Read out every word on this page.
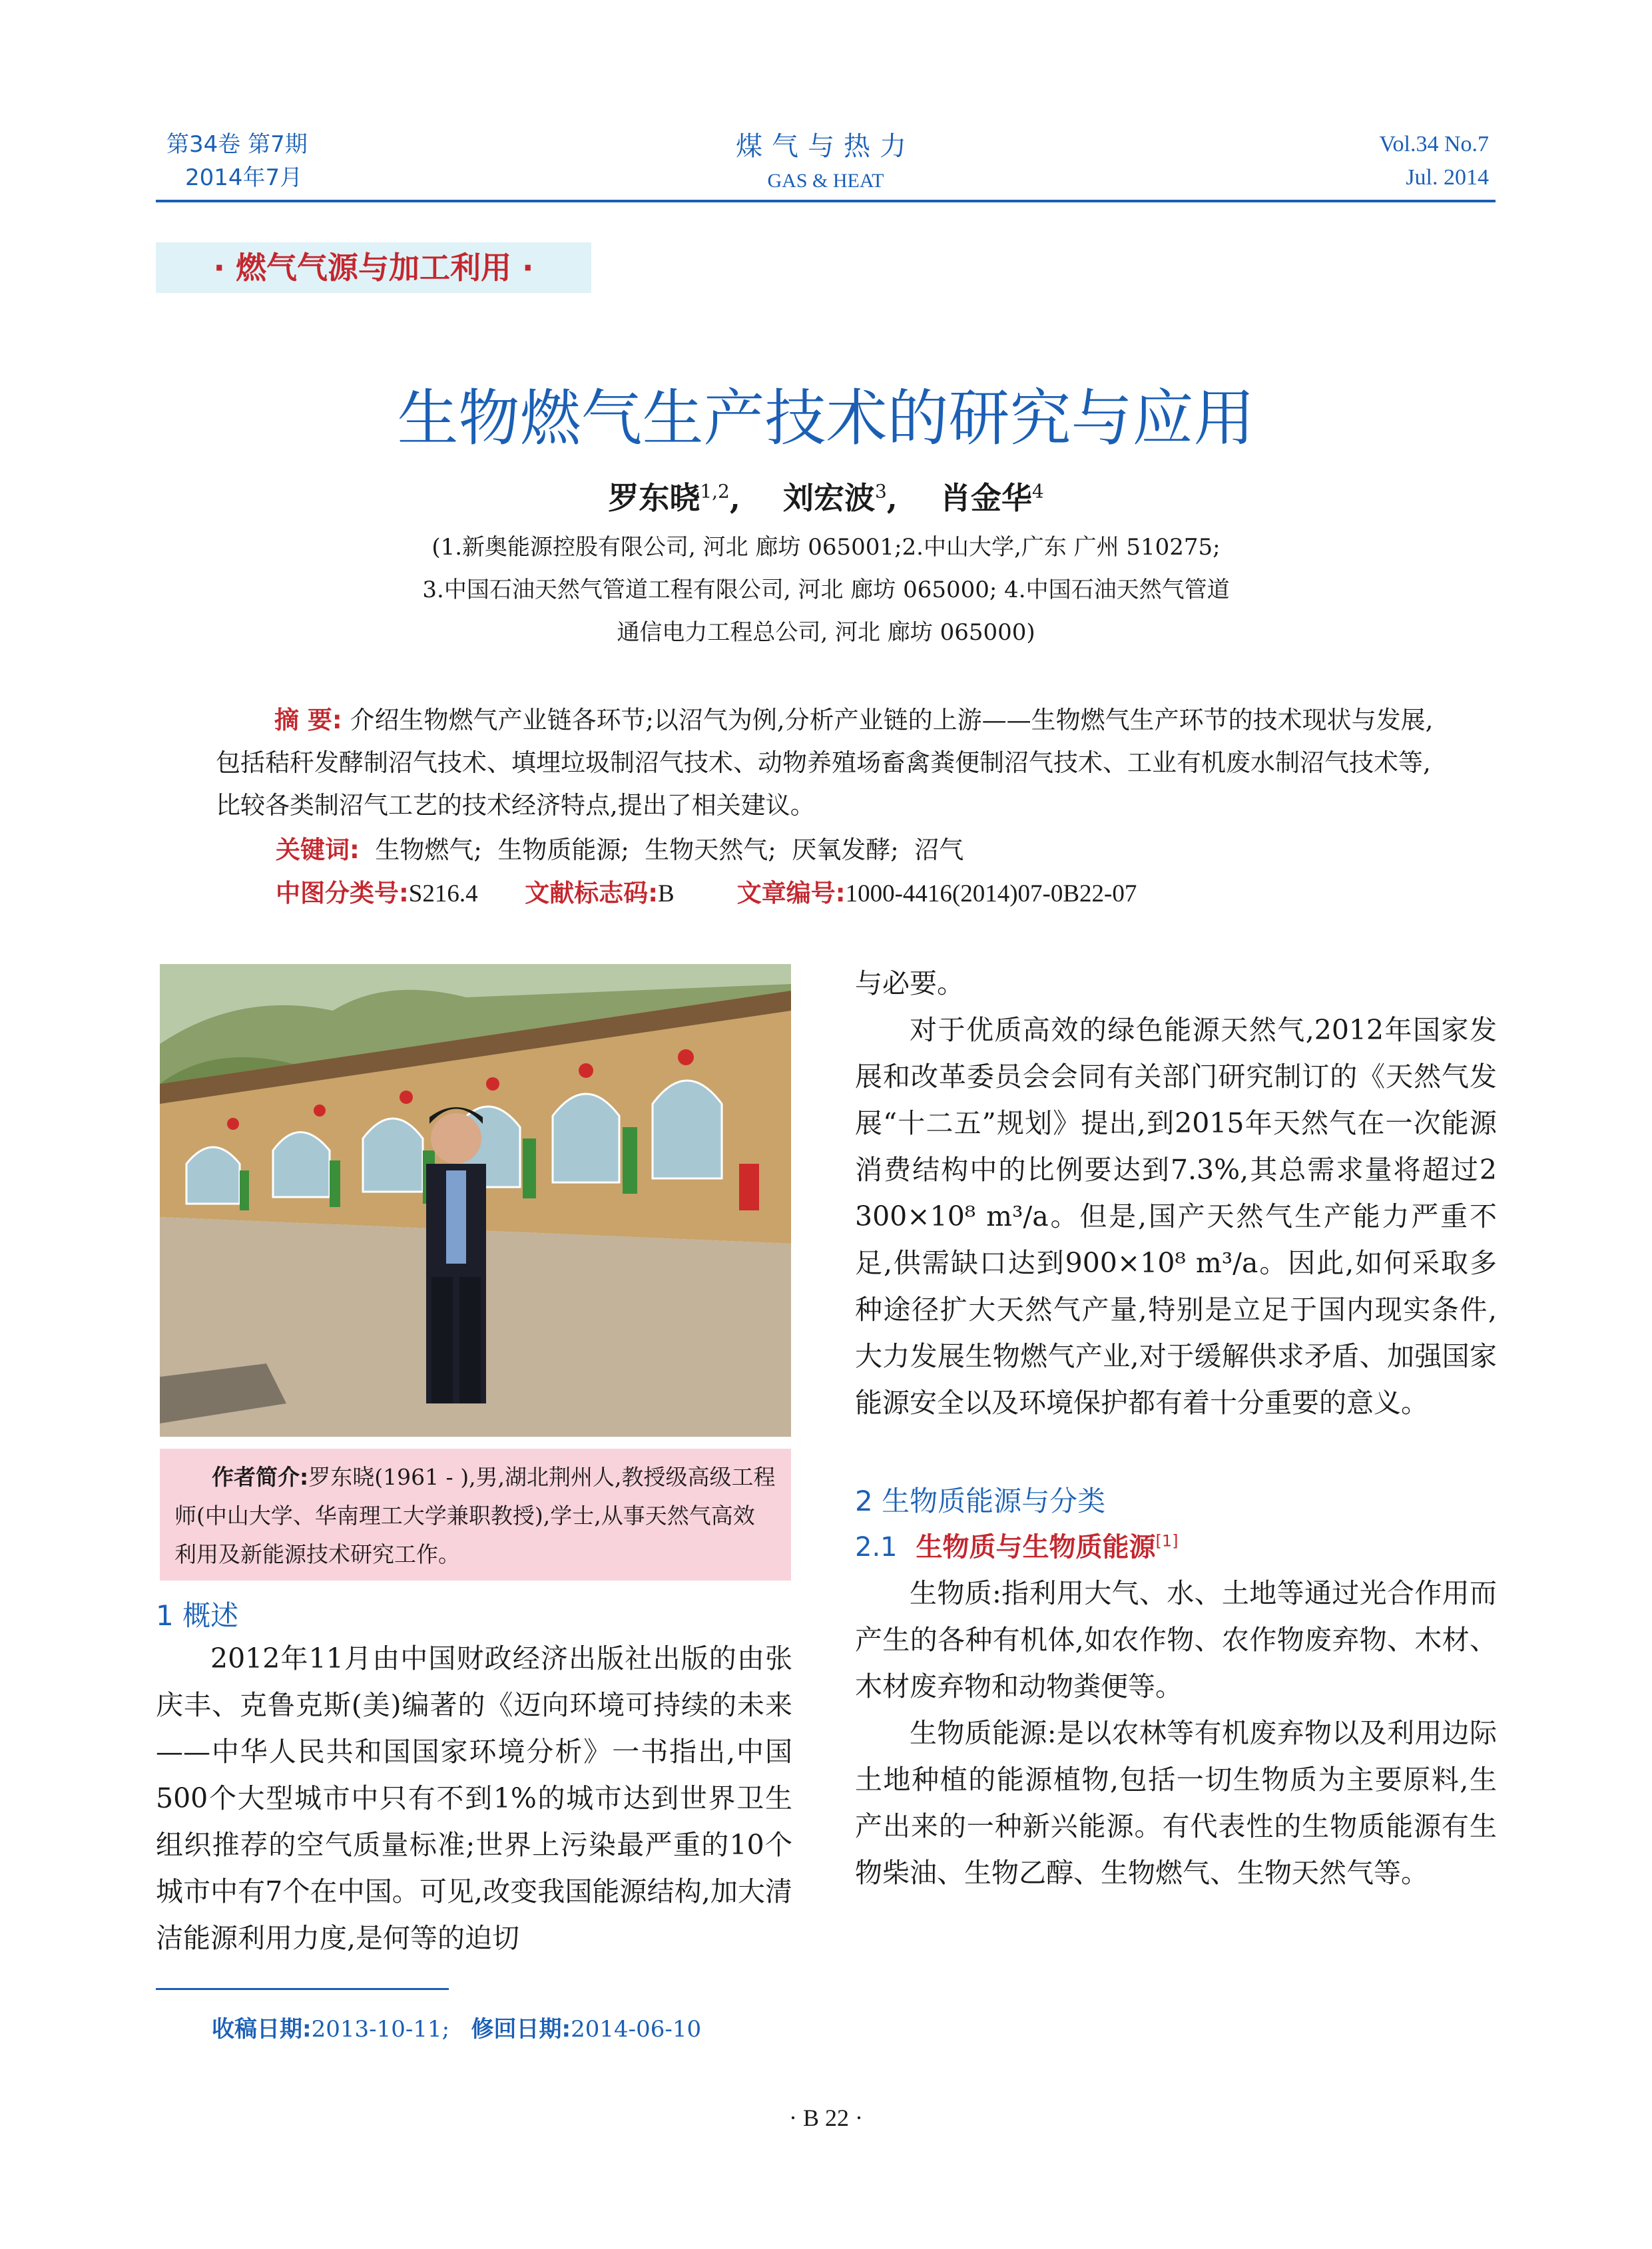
第34卷 第7期
2014年7月
煤气与热力
GAS & HEAT
Vol.34 No.7
Jul. 2014
· 燃气气源与加工利用 ·
生物燃气生产技术的研究与应用
罗东晓$^{1,2}$,    刘宏波$^3$,    肖金华$^4$
(1.新奥能源控股有限公司, 河北 廊坊 065001;2.中山大学,广东 广州 510275;
3.中国石油天然气管道工程有限公司, 河北 廊坊 065000; 4.中国石油天然气管道
通信电力工程总公司, 河北 廊坊 065000)
摘 要: 介绍生物燃气产业链各环节;以沼气为例,分析产业链的上游——生物燃气生产环节的技术现状与发展,包括秸秆发酵制沼气技术、填埋垃圾制沼气技术、动物养殖场畜禽粪便制沼气技术、工业有机废水制沼气技术等,比较各类制沼气工艺的技术经济特点,提出了相关建议。
关键词: 生物燃气;  生物质能源;  生物天然气;  厌氧发酵;  沼气
中图分类号:S216.4 文献标志码:B	文章编号:1000-4416(2014)07-0B22-07
作者简介:罗东晓(1961 - ),男,湖北荆州人,教授级高级工程师(中山大学、华南理工大学兼职教授),学士,从事天然气高效利用及新能源技术研究工作。
1 概述

2012年11月由中国财政经济出版社出版的由张庆丰、克鲁克斯(美)编著的《迈向环境可持续的未来——中华人民共和国国家环境分析》一书指出,中国500个大型城市中只有不到1%的城市达到世界卫生组织推荐的空气质量标准;世界上污染最严重的10个城市中有7个在中国。可见,改变我国能源结构,加大清洁能源利用力度,是何等的迫切

与必要。

对于优质高效的绿色能源天然气,2012年国家发展和改革委员会会同有关部门研究制订的《天然气发展“十二五”规划》提出,到2015年天然气在一次能源消费结构中的比例要达到7.3%,其总需求量将超过2 300×10⁸ m³/a。但是,国产天然气生产能力严重不足,供需缺口达到900×10⁸ m³/a。因此,如何采取多种途径扩大天然气产量,特别是立足于国内现实条件,大力发展生物燃气产业,对于缓解供求矛盾、加强国家能源安全以及环境保护都有着十分重要的意义。

2 生物质能源与分类
2.1 生物质与生物质能源[1]

生物质:指利用大气、水、土地等通过光合作用而产生的各种有机体,如农作物、农作物废弃物、木材、木材废弃物和动物粪便等。

生物质能源:是以农林等有机废弃物以及利用边际土地种植的能源植物,包括一切生物质为主要原料,生产出来的一种新兴能源。有代表性的生物质能源有生物柴油、生物乙醇、生物燃气、生物天然气等。

收稿日期:2013-10-11; 修回日期:2014-06-10
· B 22 ·
